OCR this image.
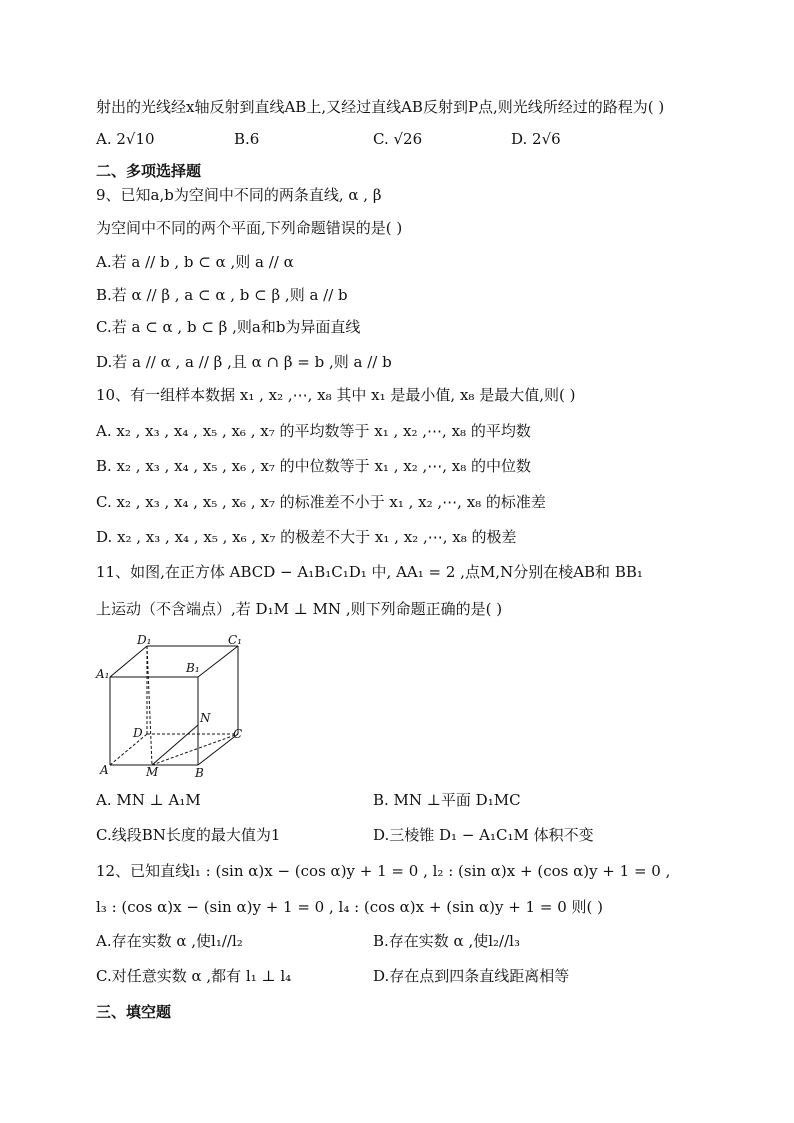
射出的光线经x轴反射到直线AB上,又经过直线AB反射到P点,则光线所经过的路程为( )
A. 2√10	B.6	C. √26	D. 2√6
二、多项选择题
9、已知a,b为空间中不同的两条直线, α , β
为空间中不同的两个平面,下列命题错误的是( )
A.若 a // b , b ⊂ α ,则 a // α
B.若 α // β , a ⊂ α , b ⊂ β ,则 a // b
C.若 a ⊂ α , b ⊂ β ,则a和b为异面直线
D.若 a // α , a // β ,且 α ∩ β = b ,则 a // b
10、有一组样本数据 x₁ , x₂ ,⋯, x₈ 其中 x₁ 是最小值, x₈ 是最大值,则( )
A. x₂ , x₃ , x₄ , x₅ , x₆ , x₇ 的平均数等于 x₁ , x₂ ,⋯, x₈ 的平均数
B. x₂ , x₃ , x₄ , x₅ , x₆ , x₇ 的中位数等于 x₁ , x₂ ,⋯, x₈ 的中位数
C. x₂ , x₃ , x₄ , x₅ , x₆ , x₇ 的标准差不小于 x₁ , x₂ ,⋯, x₈ 的标准差
D. x₂ , x₃ , x₄ , x₅ , x₆ , x₇ 的极差不大于 x₁ , x₂ ,⋯, x₈ 的极差
11、如图,在正方体 ABCD − A₁B₁C₁D₁ 中, AA₁ = 2 ,点M,N分别在棱AB和 BB₁
上运动（不含端点）,若 D₁M ⊥ MN ,则下列命题正确的是( )
D₁	C₁
A₁	B₁
N
D	C
A	M	B
A. MN ⊥ A₁M	B. MN ⊥平面 D₁MC
C.线段BN长度的最大值为1	D.三棱锥 D₁ − A₁C₁M 体积不变
12、已知直线l₁ : (sin α)x − (cos α)y + 1 = 0 , l₂ : (sin α)x + (cos α)y + 1 = 0 ,
l₃ : (cos α)x − (sin α)y + 1 = 0 , l₄ : (cos α)x + (sin α)y + 1 = 0 则( )
A.存在实数 α ,使l₁//l₂	B.存在实数 α ,使l₂//l₃
C.对任意实数 α ,都有 l₁ ⊥ l₄	D.存在点到四条直线距离相等
三、填空题
